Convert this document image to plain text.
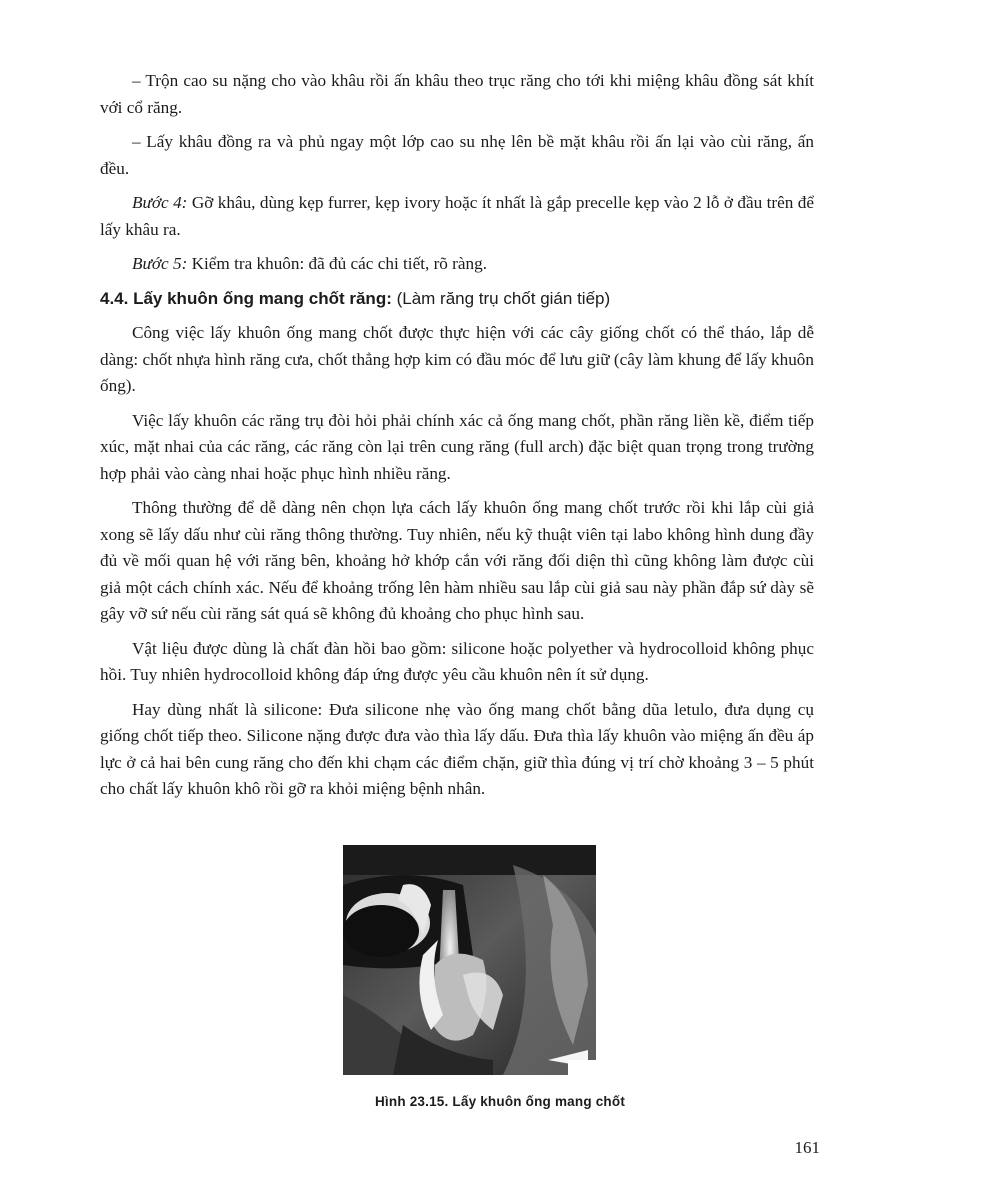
– Trộn cao su nặng cho vào khâu rồi ấn khâu theo trục răng cho tới khi miệng khâu đồng sát khít với cổ răng.

– Lấy khâu đồng ra và phủ ngay một lớp cao su nhẹ lên bề mặt khâu rồi ấn lại vào cùi răng, ấn đều.

Bước 4: Gỡ khâu, dùng kẹp furrer, kẹp ivory hoặc ít nhất là gắp precelle kẹp vào 2 lỗ ở đầu trên để lấy khâu ra.

Bước 5: Kiểm tra khuôn: đã đủ các chi tiết, rõ ràng.

4.4. Lấy khuôn ống mang chốt răng: (Làm răng trụ chốt gián tiếp)

Công việc lấy khuôn ống mang chốt được thực hiện với các cây giống chốt có thể tháo, lắp dễ dàng: chốt nhựa hình răng cưa, chốt thẳng hợp kim có đầu móc để lưu giữ (cây làm khung để lấy khuôn ống).

Việc lấy khuôn các răng trụ đòi hỏi phải chính xác cả ống mang chốt, phần răng liền kề, điểm tiếp xúc, mặt nhai của các răng, các răng còn lại trên cung răng (full arch) đặc biệt quan trọng trong trường hợp phải vào càng nhai hoặc phục hình nhiều răng.

Thông thường để dễ dàng nên chọn lựa cách lấy khuôn ống mang chốt trước rồi khi lắp cùi giả xong sẽ lấy dấu như cùi răng thông thường. Tuy nhiên, nếu kỹ thuật viên tại labo không hình dung đầy đủ về mối quan hệ với răng bên, khoảng hở khớp cắn với răng đối diện thì cũng không làm được cùi giả một cách chính xác. Nếu để khoảng trống lên hàm nhiều sau lắp cùi giả sau này phần đắp sứ dày sẽ gây vỡ sứ nếu cùi răng sát quá sẽ không đủ khoảng cho phục hình sau.

Vật liệu được dùng là chất đàn hồi bao gồm: silicone hoặc polyether và hydrocolloid không phục hồi. Tuy nhiên hydrocolloid không đáp ứng được yêu cầu khuôn nên ít sử dụng.

Hay dùng nhất là silicone: Đưa silicone nhẹ vào ống mang chốt bằng dũa letulo, đưa dụng cụ giống chốt tiếp theo. Silicone nặng được đưa vào thìa lấy dấu. Đưa thìa lấy khuôn vào miệng ấn đều áp lực ở cả hai bên cung răng cho đến khi chạm các điểm chặn, giữ thìa đúng vị trí chờ khoảng 3 – 5 phút cho chất lấy khuôn khô rồi gỡ ra khỏi miệng bệnh nhân.

Hình 23.15. Lấy khuôn ống mang chốt
161
